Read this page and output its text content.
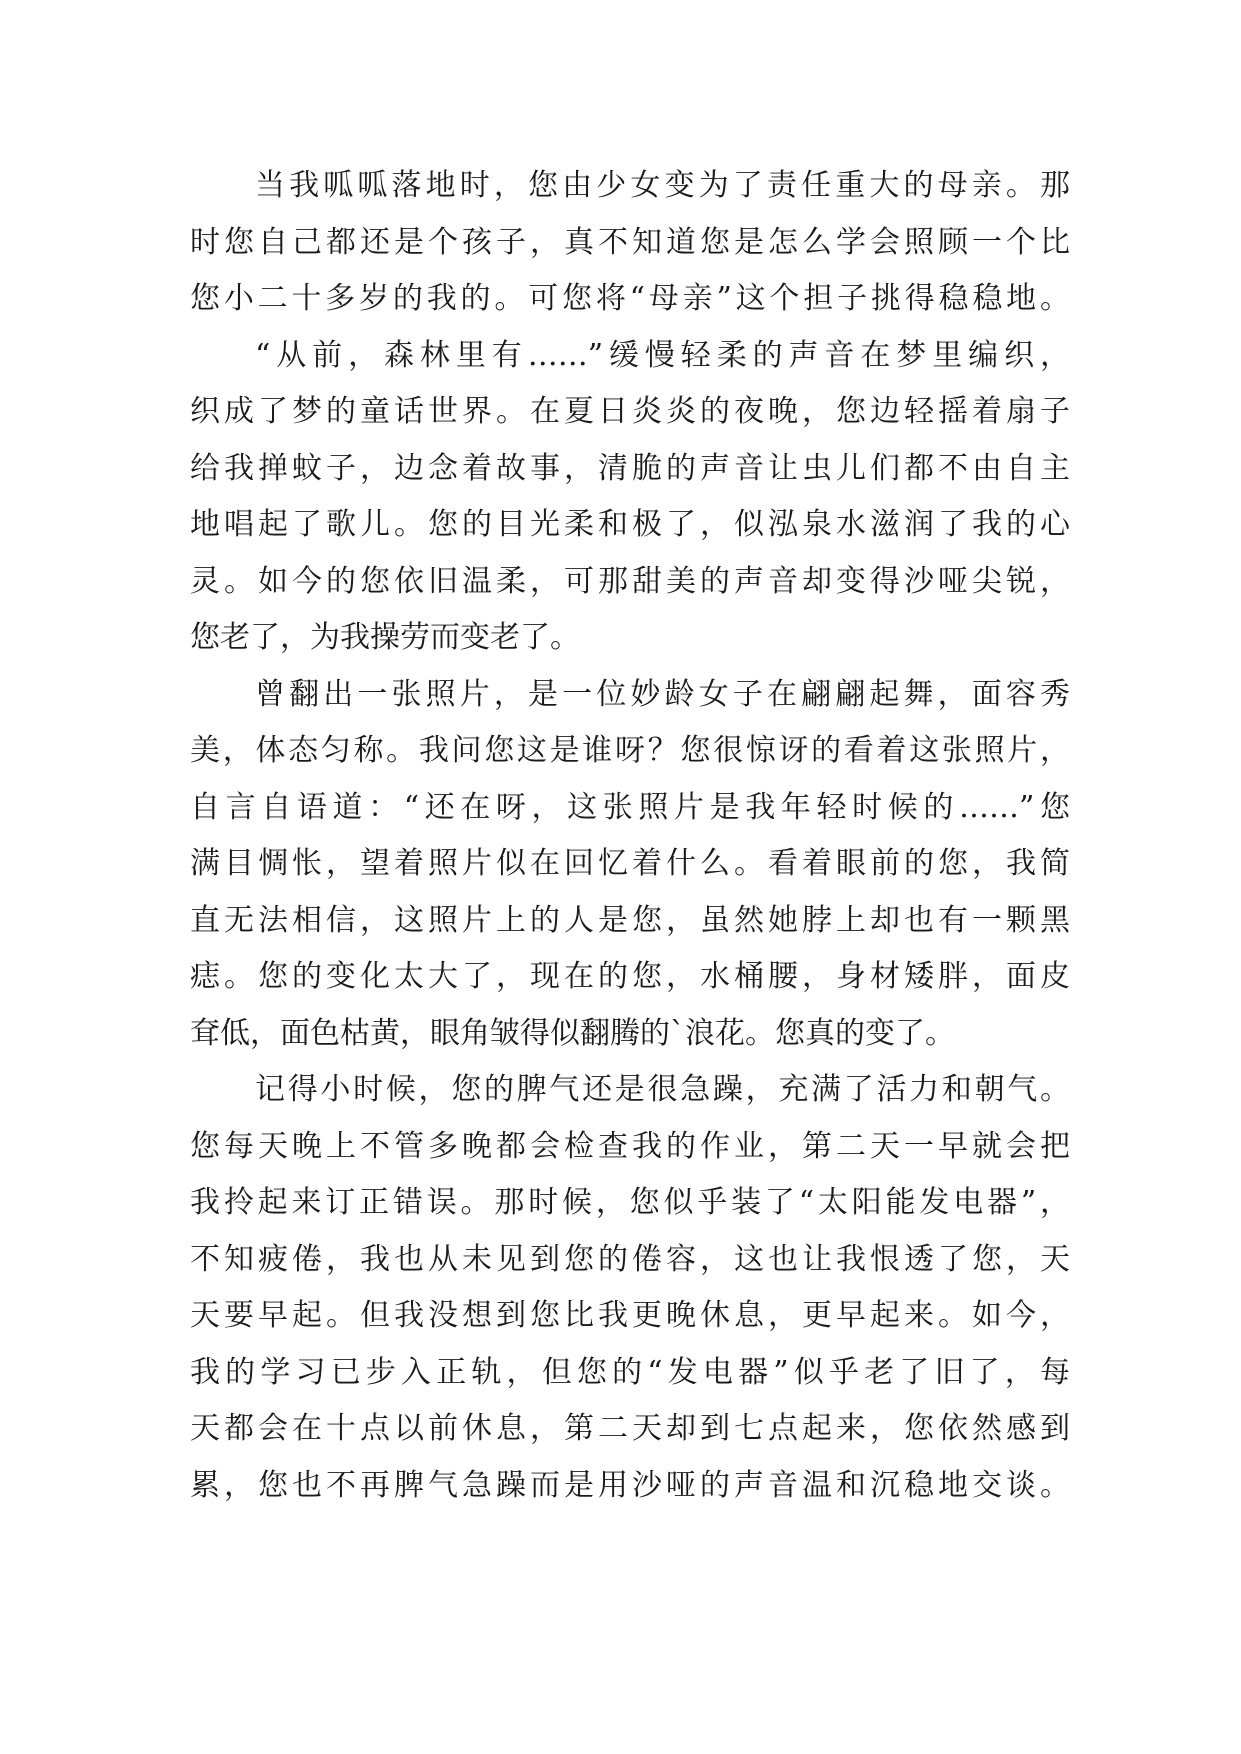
当我呱呱落地时，您由少女变为了责任重大的母亲。那
时您自己都还是个孩子，真不知道您是怎么学会照顾一个比
您小二十多岁的我的。可您将“母亲”这个担子挑得稳稳地。
“从前，森林里有……”缓慢轻柔的声音在梦里编织，
织成了梦的童话世界。在夏日炎炎的夜晚，您边轻摇着扇子
给我掸蚊子，边念着故事，清脆的声音让虫儿们都不由自主
地唱起了歌儿。您的目光柔和极了，似泓泉水滋润了我的心
灵。如今的您依旧温柔，可那甜美的声音却变得沙哑尖锐，
您老了，为我操劳而变老了。
曾翻出一张照片，是一位妙龄女子在翩翩起舞，面容秀
美，体态匀称。我问您这是谁呀？您很惊讶的看着这张照片，
自言自语道：“还在呀，这张照片是我年轻时候的……”您
满目惆怅，望着照片似在回忆着什么。看着眼前的您，我简
直无法相信，这照片上的人是您，虽然她脖上却也有一颗黑
痣。您的变化太大了，现在的您，水桶腰，身材矮胖，面皮
耷低，面色枯黄，眼角皱得似翻腾的`浪花。您真的变了。
记得小时候，您的脾气还是很急躁，充满了活力和朝气。
您每天晚上不管多晚都会检查我的作业，第二天一早就会把
我拎起来订正错误。那时候，您似乎装了“太阳能发电器”，
不知疲倦，我也从未见到您的倦容，这也让我恨透了您，天
天要早起。但我没想到您比我更晚休息，更早起来。如今，
我的学习已步入正轨，但您的“发电器”似乎老了旧了，每
天都会在十点以前休息，第二天却到七点起来，您依然感到
累，您也不再脾气急躁而是用沙哑的声音温和沉稳地交谈。
